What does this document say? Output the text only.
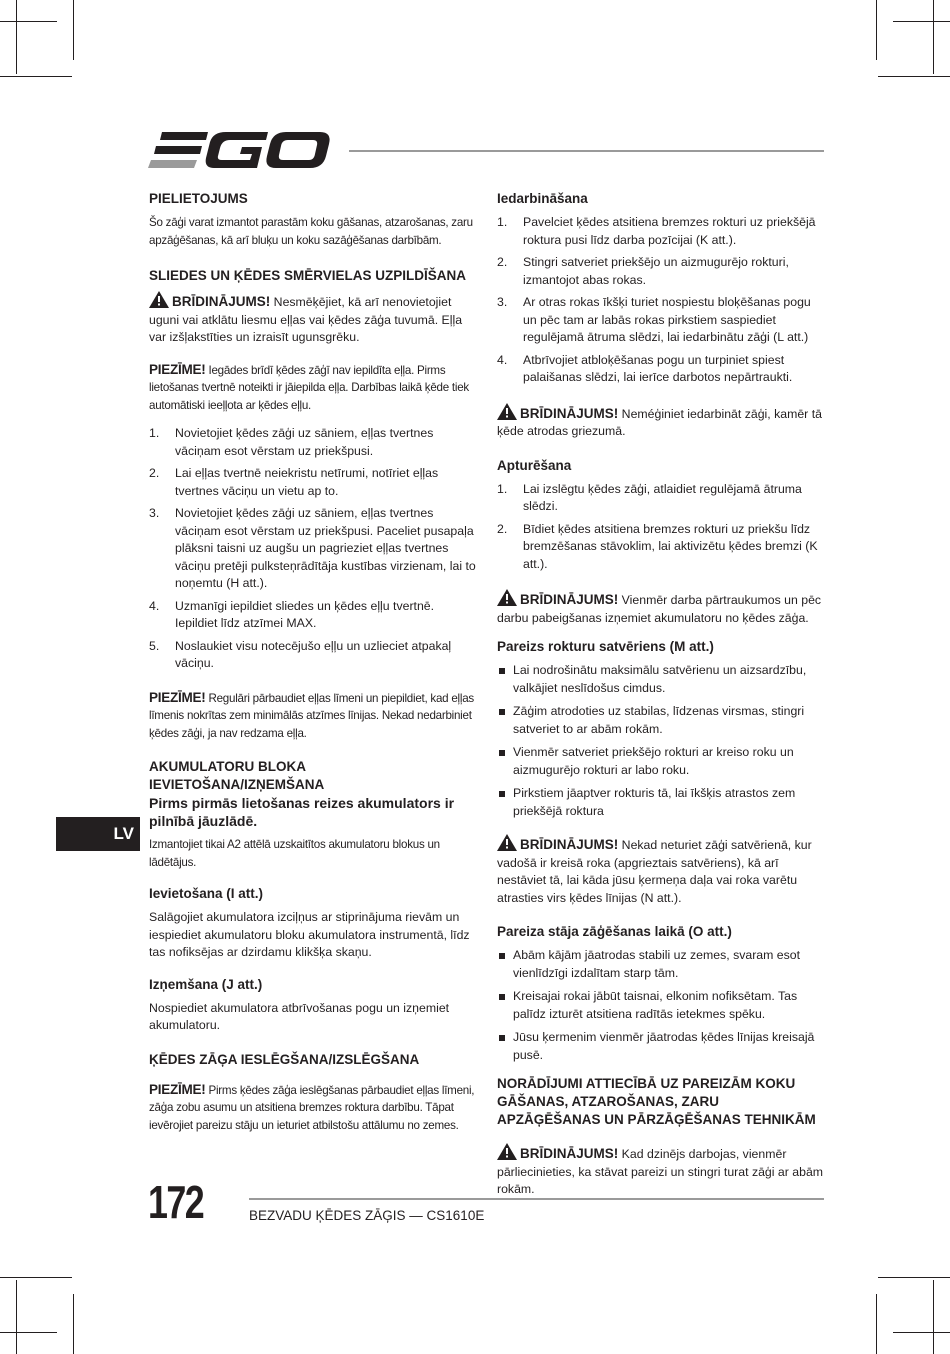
PIELIETOJUMS

Šo zāģi varat izmantot parastām koku gāšanas, atzarošanas, zaru apzāģēšanas, kā arī bluķu un koku sazāģēšanas darbībām.

SLIEDES UN ĶĒDES SMĒRVIELAS UZPILDĪŠANA

BRĪDINĀJUMS! Nesmēķējiet, kā arī nenovietojiet uguni vai atklātu liesmu eļļas vai ķēdes zāģa tuvumā. Eļļa var izšļakstīties un izraisīt ugunsgrēku.

PIEZĪME! Iegādes brīdī ķēdes zāģī nav iepildīta eļļa. Pirms lietošanas tvertnē noteikti ir jāiepilda eļļa. Darbības laikā ķēde tiek automātiski ieeļļota ar ķēdes eļļu.

1. Novietojiet ķēdes zāģi uz sāniem, eļļas tvertnes vāciņam esot vērstam uz priekšpusi.
2. Lai eļļas tvertnē neiekristu netīrumi, notīriet eļļas tvertnes vāciņu un vietu ap to.
3. Novietojiet ķēdes zāģi uz sāniem, eļļas tvertnes vāciņam esot vērstam uz priekšpusi. Paceliet pusapaļa plāksni taisni uz augšu un pagrieziet eļļas tvertnes vāciņu pretēji pulksteņrādītāja kustības virzienam, lai to noņemtu (H att.).
4. Uzmanīgi iepildiet sliedes un ķēdes eļļu tvertnē. Iepildiet līdz atzīmei MAX.
5. Noslaukiet visu notecējušo eļļu un uzlieciet atpakaļ vāciņu.

PIEZĪME! Regulāri pārbaudiet eļļas līmeni un piepildiet, kad eļļas līmenis nokrītas zem minimālās atzīmes līnijas. Nekad nedarbiniet ķēdes zāģi, ja nav redzama eļļa.

AKUMULATORU BLOKA IEVIETOŠANA/IZŅEMŠANA
Pirms pirmās lietošanas reizes akumulators ir pilnībā jāuzlādē.

Izmantojiet tikai A2 attēlā uzskaitītos akumulatoru blokus un lādētājus.

Ievietošana (I att.)

Salāgojiet akumulatora izciļņus ar stiprinājuma rievām un iespiediet akumulatoru bloku akumulatora instrumentā, līdz tas nofiksējas ar dzirdamu klikšķa skaņu.

Izņemšana (J att.)

Nospiediet akumulatora atbrīvošanas pogu un izņemiet akumulatoru.

ĶĒDES ZĀĢA IESLĒGŠANA/IZSLĒGŠANA

PIEZĪME! Pirms ķēdes zāģa ieslēgšanas pārbaudiet eļļas līmeni, zāģa zobu asumu un atsitiena bremzes roktura darbību. Tāpat ievērojiet pareizu stāju un ieturiet atbilstošu attālumu no zemes.

Iedarbināšana
1. Pavelciet ķēdes atsitiena bremzes rokturi uz priekšējā roktura pusi līdz darba pozīcijai (K att.).
2. Stingri satveriet priekšējo un aizmugurējo rokturi, izmantojot abas rokas.
3. Ar otras rokas īkšķi turiet nospiestu bloķēšanas pogu un pēc tam ar labās rokas pirkstiem saspiediet regulējamā ātruma slēdzi, lai iedarbinātu zāģi (L att.)
4. Atbrīvojiet atbloķēšanas pogu un turpiniet spiest palaišanas slēdzi, lai ierīce darbotos nepārtraukti.

BRĪDINĀJUMS! Neméģiniet iedarbināt zāģi, kamēr tā ķēde atrodas griezumā.

Apturēšana
1. Lai izslēgtu ķēdes zāģi, atlaidiet regulējamā ātruma slēdzi.
2. Bīdiet ķēdes atsitiena bremzes rokturi uz priekšu līdz bremzēšanas stāvoklim, lai aktivizētu ķēdes bremzi (K att.).

BRĪDINĀJUMS! Vienmēr darba pārtraukumos un pēc darbu pabeigšanas izņemiet akumulatoru no ķēdes zāģa.

Pareizs rokturu satvēriens (M att.)
Lai nodrošinātu maksimālu satvērienu un aizsardzību, valkājiet neslīdošus cimdus.
Zāģim atrodoties uz stabilas, līdzenas virsmas, stingri satveriet to ar abām rokām.
Vienmēr satveriet priekšējo rokturi ar kreiso roku un aizmugurējo rokturi ar labo roku.
Pirkstiem jāaptver rokturis tā, lai īkšķis atrastos zem priekšējā roktura

BRĪDINĀJUMS! Nekad neturiet zāģi satvērienā, kur vadošā ir kreisā roka (apgrieztais satvēriens), kā arī nestāviet tā, lai kāda jūsu ķermeņa daļa vai roka varētu atrasties virs ķēdes līnijas (N att.).

Pareiza stāja zāģēšanas laikā (O att.)
Abām kājām jāatrodas stabili uz zemes, svaram esot vienlīdzīgi izdalītam starp tām.
Kreisajai rokai jābūt taisnai, elkonim nofiksētam. Tas palīdz izturēt atsitiena radītās ietekmes spēku.
Jūsu ķermenim vienmēr jāatrodas ķēdes līnijas kreisajā pusē.
NORĀDĪJUMI ATTIECĪBĀ UZ PAREIZĀM KOKU GĀŠANAS, ATZAROŠANAS, ZARU APZĀĢĒŠANAS UN PĀRZĀĢĒŠANAS TEHNIKĀM

BRĪDINĀJUMS! Kad dzinējs darbojas, vienmēr pārliecinieties, ka stāvat pareizi un stingri turat zāģi ar abām rokām.

LV
172	BEZVADU ĶĒDES ZĀĢIS — CS1610E
